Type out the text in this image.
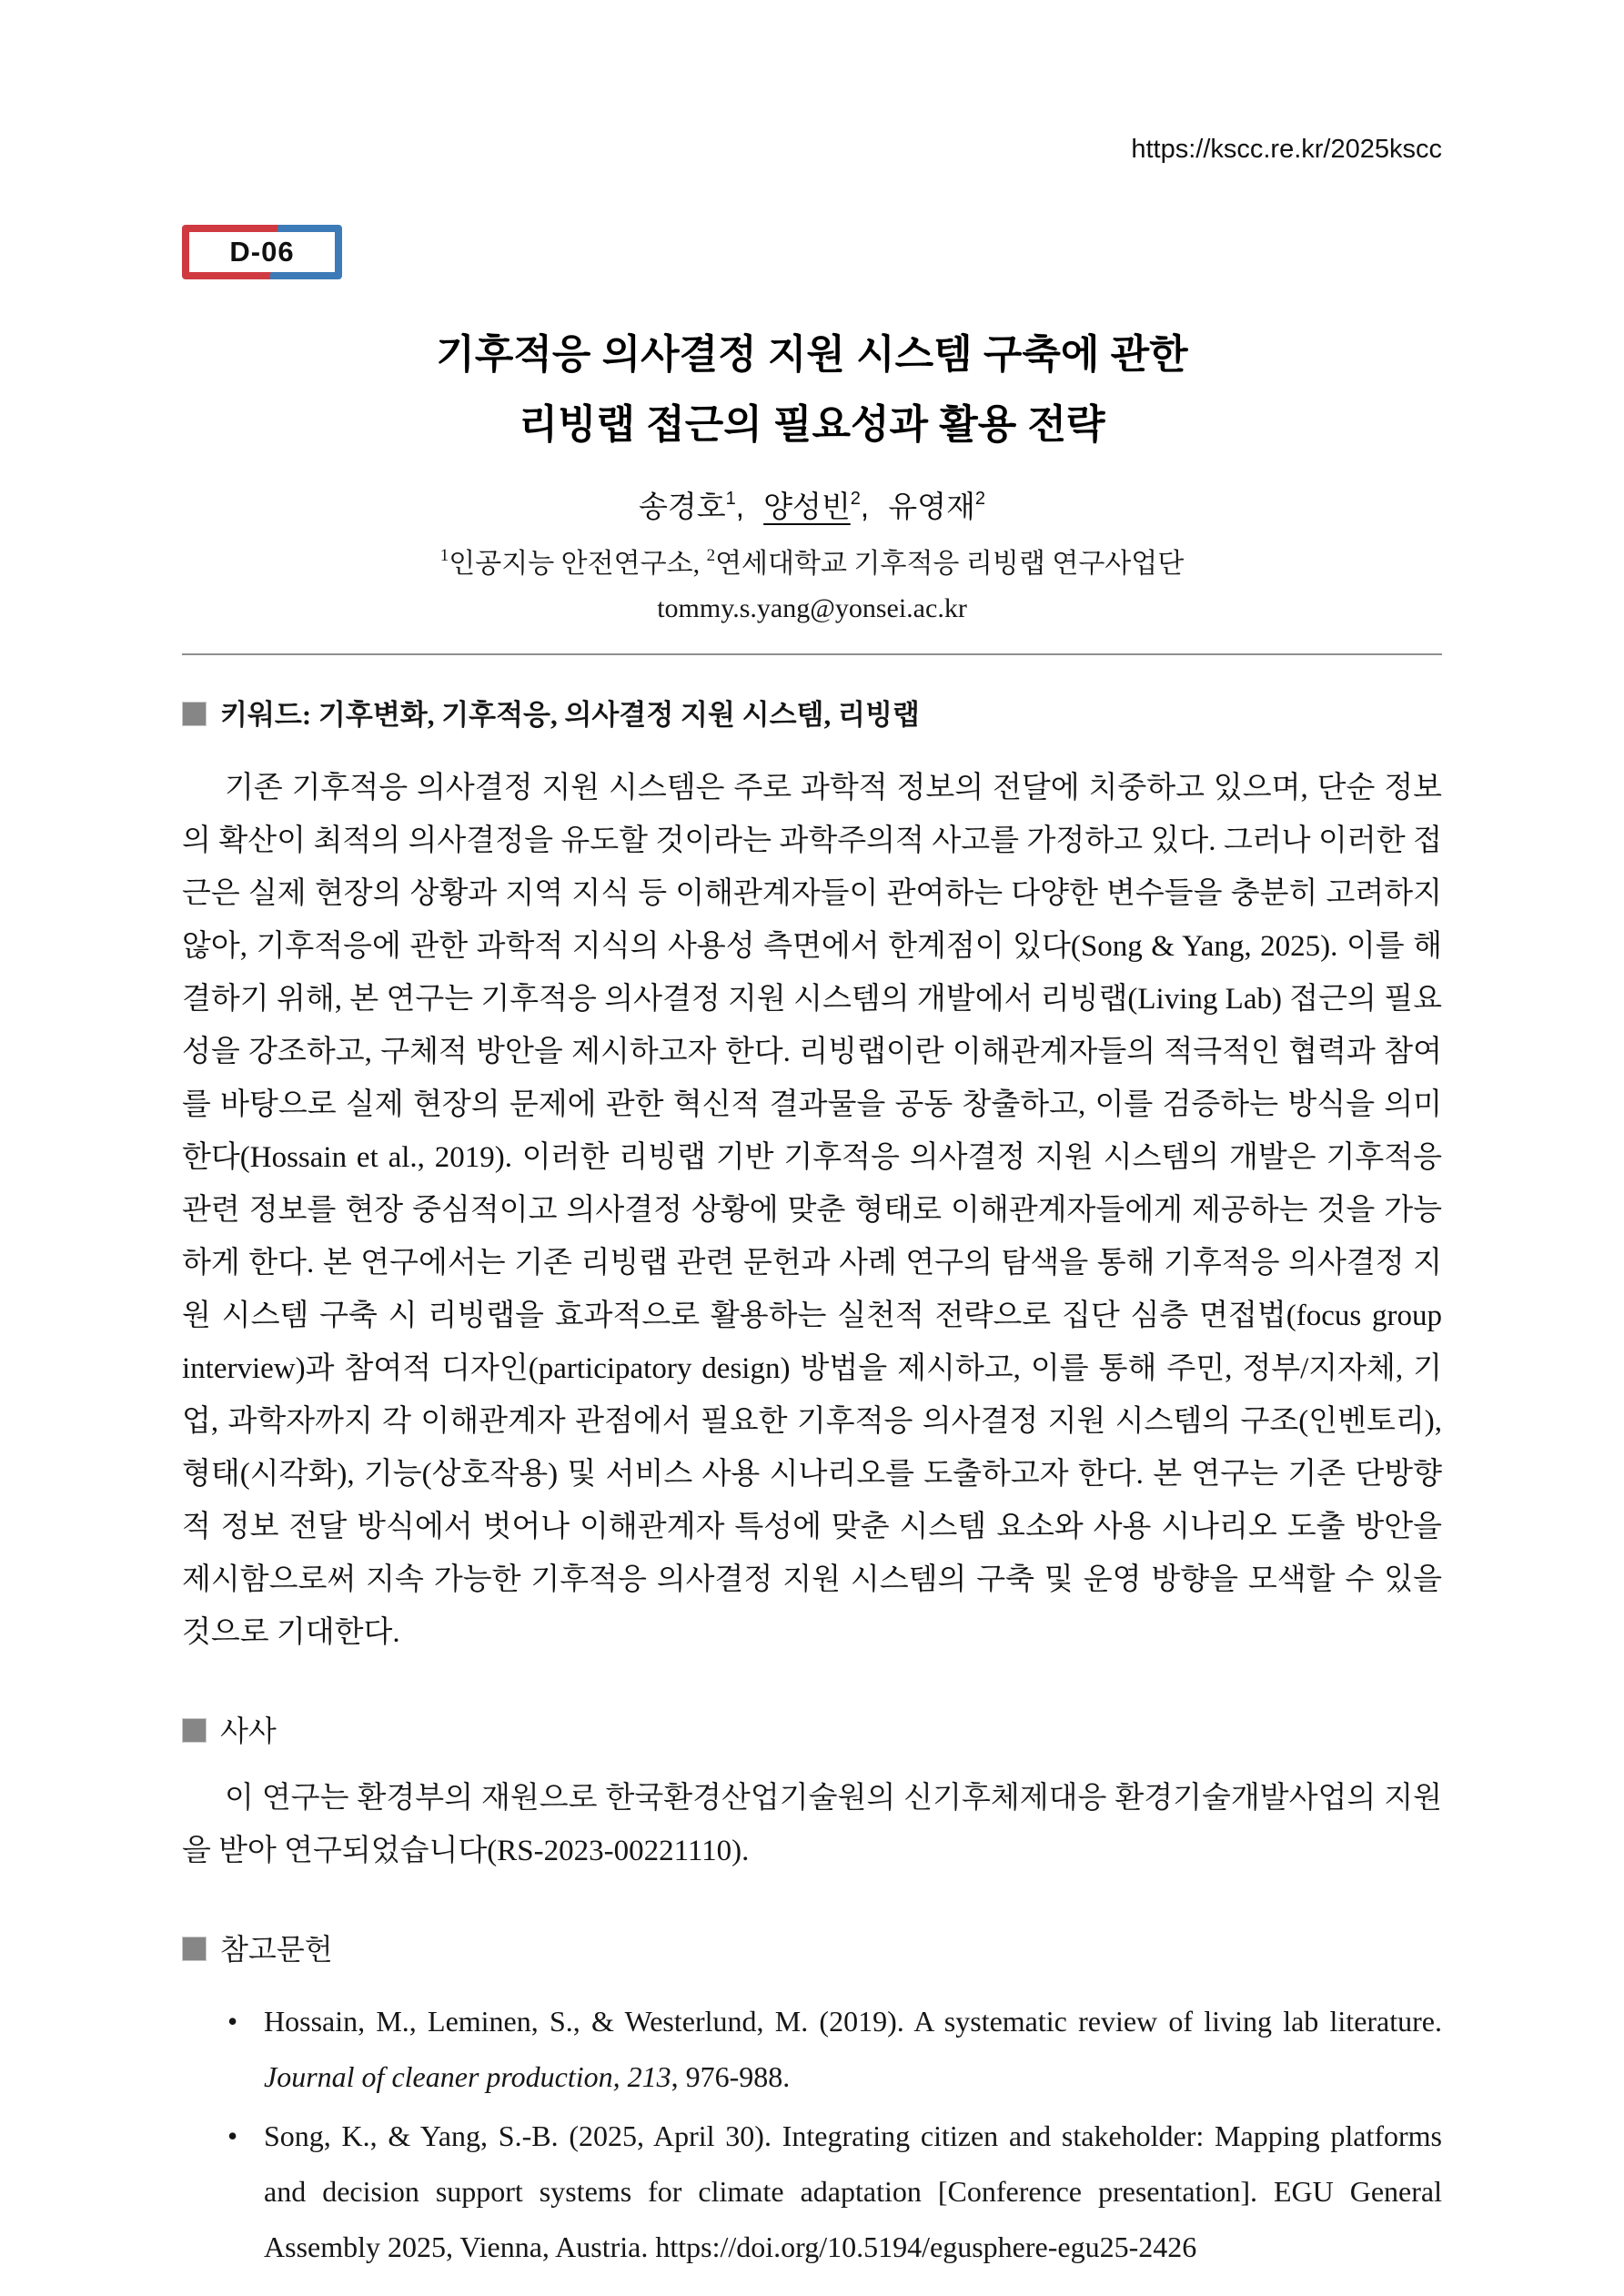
https://kscc.re.kr/2025kscc
D-06
기후적응 의사결정 지원 시스템 구축에 관한
리빙랩 접근의 필요성과 활용 전략
송경호$^1$, 양성빈$^2$, 유영재$^2$
$^1$인공지능 안전연구소, $^2$연세대학교 기후적응 리빙랩 연구사업단
tommy.s.yang@yonsei.ac.kr
키워드: 기후변화, 기후적응, 의사결정 지원 시스템, 리빙랩

기존 기후적응 의사결정 지원 시스템은 주로 과학적 정보의 전달에 치중하고 있으며, 단순 정보의 확산이 최적의 의사결정을 유도할 것이라는 과학주의적 사고를 가정하고 있다. 그러나 이러한 접근은 실제 현장의 상황과 지역 지식 등 이해관계자들이 관여하는 다양한 변수들을 충분히 고려하지 않아, 기후적응에 관한 과학적 지식의 사용성 측면에서 한계점이 있다(Song & Yang, 2025). 이를 해결하기 위해, 본 연구는 기후적응 의사결정 지원 시스템의 개발에서 리빙랩(Living Lab) 접근의 필요성을 강조하고, 구체적 방안을 제시하고자 한다. 리빙랩이란 이해관계자들의 적극적인 협력과 참여를 바탕으로 실제 현장의 문제에 관한 혁신적 결과물을 공동 창출하고, 이를 검증하는 방식을 의미한다(Hossain et al., 2019). 이러한 리빙랩 기반 기후적응 의사결정 지원 시스템의 개발은 기후적응 관련 정보를 현장 중심적이고 의사결정 상황에 맞춘 형태로 이해관계자들에게 제공하는 것을 가능하게 한다. 본 연구에서는 기존 리빙랩 관련 문헌과 사례 연구의 탐색을 통해 기후적응 의사결정 지원 시스템 구축 시 리빙랩을 효과적으로 활용하는 실천적 전략으로 집단 심층 면접법(focus group interview)과 참여적 디자인(participatory design) 방법을 제시하고, 이를 통해 주민, 정부/지자체, 기업, 과학자까지 각 이해관계자 관점에서 필요한 기후적응 의사결정 지원 시스템의 구조(인벤토리), 형태(시각화), 기능(상호작용) 및 서비스 사용 시나리오를 도출하고자 한다. 본 연구는 기존 단방향적 정보 전달 방식에서 벗어나 이해관계자 특성에 맞춘 시스템 요소와 사용 시나리오 도출 방안을 제시함으로써 지속 가능한 기후적응 의사결정 지원 시스템의 구축 및 운영 방향을 모색할 수 있을 것으로 기대한다.

사사

이 연구는 환경부의 재원으로 한국환경산업기술원의 신기후체제대응 환경기술개발사업의 지원을 받아 연구되었습니다(RS-2023-00221110).

참고문헌
• Hossain, M., Leminen, S., & Westerlund, M. (2019). A systematic review of living lab literature. Journal of cleaner production, 213, 976-988.
• Song, K., & Yang, S.-B. (2025, April 30). Integrating citizen and stakeholder: Mapping platforms and decision support systems for climate adaptation [Conference presentation]. EGU General Assembly 2025, Vienna, Austria. https://doi.org/10.5194/egusphere-egu25-2426
